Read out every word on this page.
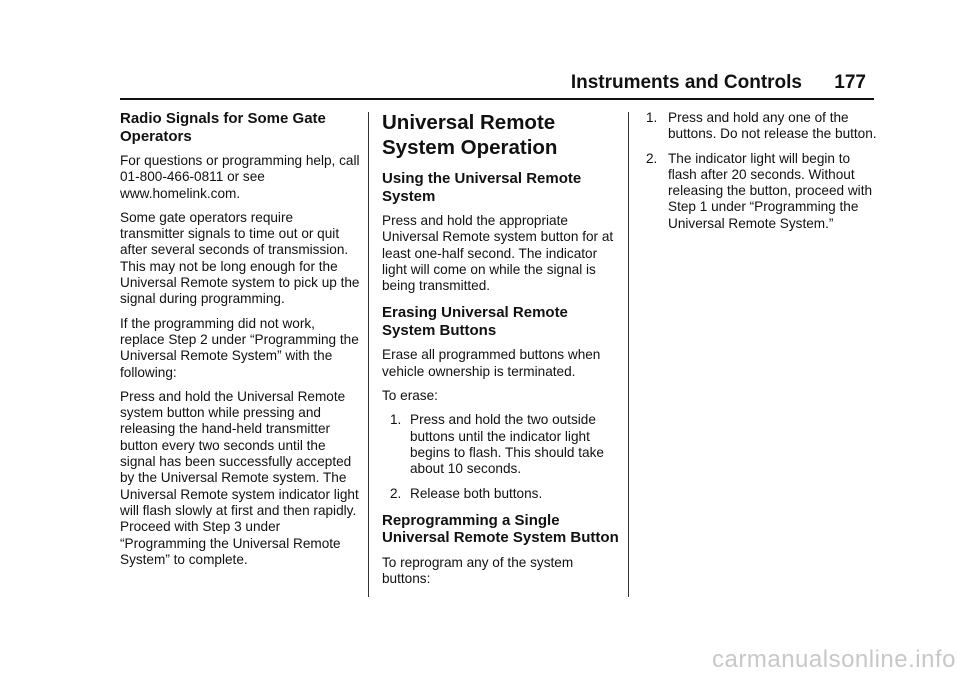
Instruments and Controls 177
Radio Signals for Some Gate Operators

For questions or programming help, call 01-800-466-0811 or see www.homelink.com.

Some gate operators require transmitter signals to time out or quit after several seconds of transmission. This may not be long enough for the Universal Remote system to pick up the signal during programming.

If the programming did not work, replace Step 2 under “Programming the Universal Remote System” with the following:

Press and hold the Universal Remote system button while pressing and releasing the hand-held transmitter button every two seconds until the signal has been successfully accepted by the Universal Remote system. The Universal Remote system indicator light will flash slowly at first and then rapidly. Proceed with Step 3 under “Programming the Universal Remote System” to complete.

Universal Remote System Operation
Using the Universal Remote System

Press and hold the appropriate Universal Remote system button for at least one-half second. The indicator light will come on while the signal is being transmitted.

Erasing Universal Remote System Buttons

Erase all programmed buttons when vehicle ownership is terminated.

To erase:

1. Press and hold the two outside buttons until the indicator light begins to flash. This should take about 10 seconds.
2. Release both buttons.
Reprogramming a Single Universal Remote System Button

To reprogram any of the system buttons:

1. Press and hold any one of the buttons. Do not release the button.
2. The indicator light will begin to flash after 20 seconds. Without releasing the button, proceed with Step 1 under “Programming the Universal Remote System.”
carmanualsonline.info
